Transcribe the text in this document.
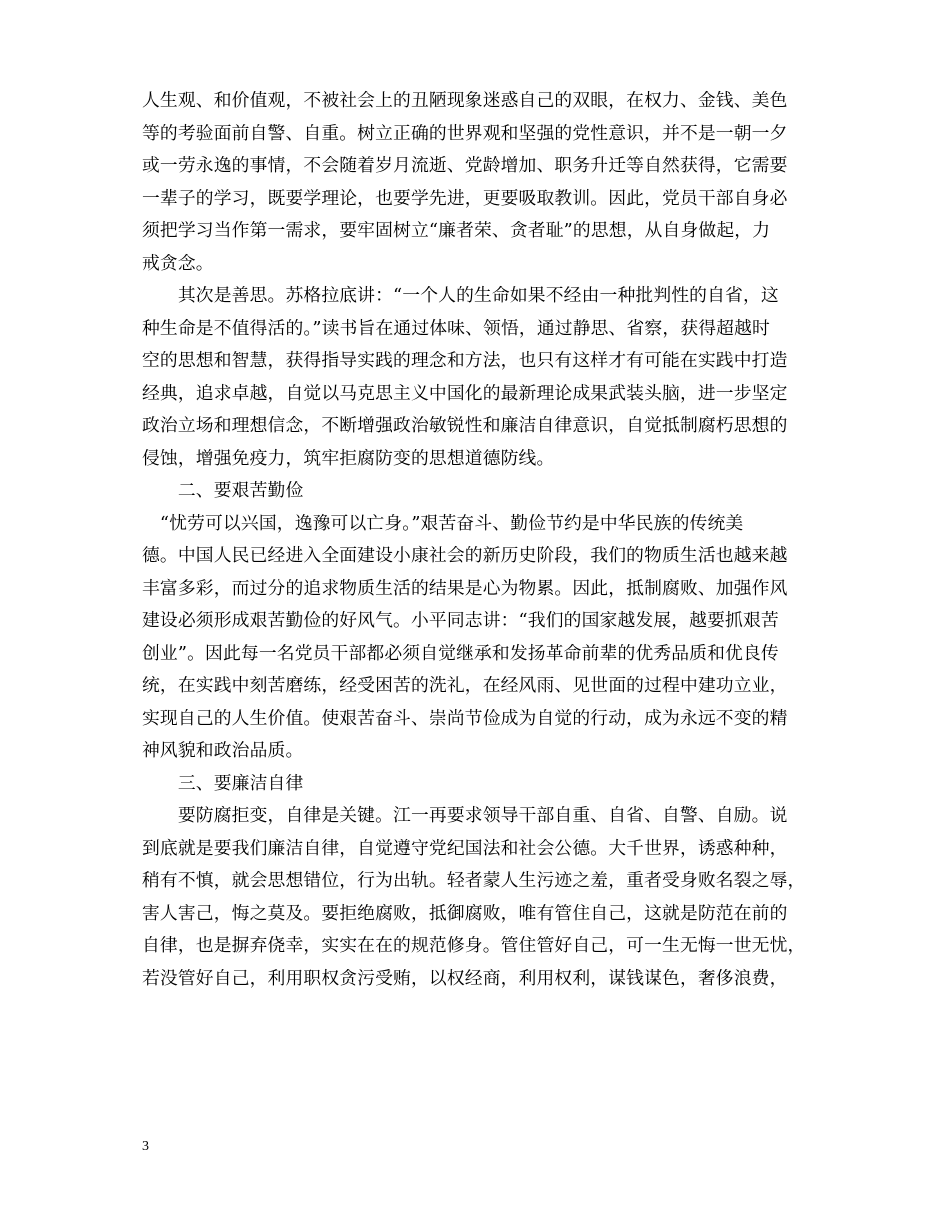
人生观、和价值观，不被社会上的丑陋现象迷惑自己的双眼，在权力、金钱、美色
等的考验面前自警、自重。树立正确的世界观和坚强的党性意识，并不是一朝一夕
或一劳永逸的事情，不会随着岁月流逝、党龄增加、职务升迁等自然获得，它需要
一辈子的学习，既要学理论，也要学先进，更要吸取教训。因此，党员干部自身必
须把学习当作第一需求，要牢固树立“廉者荣、贪者耻”的思想，从自身做起，力
戒贪念。
　　其次是善思。苏格拉底讲：“一个人的生命如果不经由一种批判性的自省，这
种生命是不值得活的。”读书旨在通过体味、领悟，通过静思、省察，获得超越时
空的思想和智慧，获得指导实践的理念和方法，也只有这样才有可能在实践中打造
经典，追求卓越，自觉以马克思主义中国化的最新理论成果武装头脑，进一步坚定
政治立场和理想信念，不断增强政治敏锐性和廉洁自律意识，自觉抵制腐朽思想的
侵蚀，增强免疫力，筑牢拒腐防变的思想道德防线。
　　二、要艰苦勤俭
　“忧劳可以兴国，逸豫可以亡身。”艰苦奋斗、勤俭节约是中华民族的传统美
德。中国人民已经进入全面建设小康社会的新历史阶段，我们的物质生活也越来越
丰富多彩，而过分的追求物质生活的结果是心为物累。因此，抵制腐败、加强作风
建设必须形成艰苦勤俭的好风气。小平同志讲：“我们的国家越发展，越要抓艰苦
创业”。因此每一名党员干部都必须自觉继承和发扬革命前辈的优秀品质和优良传
统，在实践中刻苦磨练，经受困苦的洗礼，在经风雨、见世面的过程中建功立业，
实现自己的人生价值。使艰苦奋斗、崇尚节俭成为自觉的行动，成为永远不变的精
神风貌和政治品质。
　　三、要廉洁自律
　　要防腐拒变，自律是关键。江一再要求领导干部自重、自省、自警、自励。说
到底就是要我们廉洁自律，自觉遵守党纪国法和社会公德。大千世界，诱惑种种，
稍有不慎，就会思想错位，行为出轨。轻者蒙人生污迹之羞，重者受身败名裂之辱，
害人害己，悔之莫及。要拒绝腐败，抵御腐败，唯有管住自己，这就是防范在前的
自律，也是摒弃侥幸，实实在在的规范修身。管住管好自己，可一生无悔一世无忧，
若没管好自己，利用职权贪污受贿，以权经商，利用权利，谋钱谋色，奢侈浪费，
3
